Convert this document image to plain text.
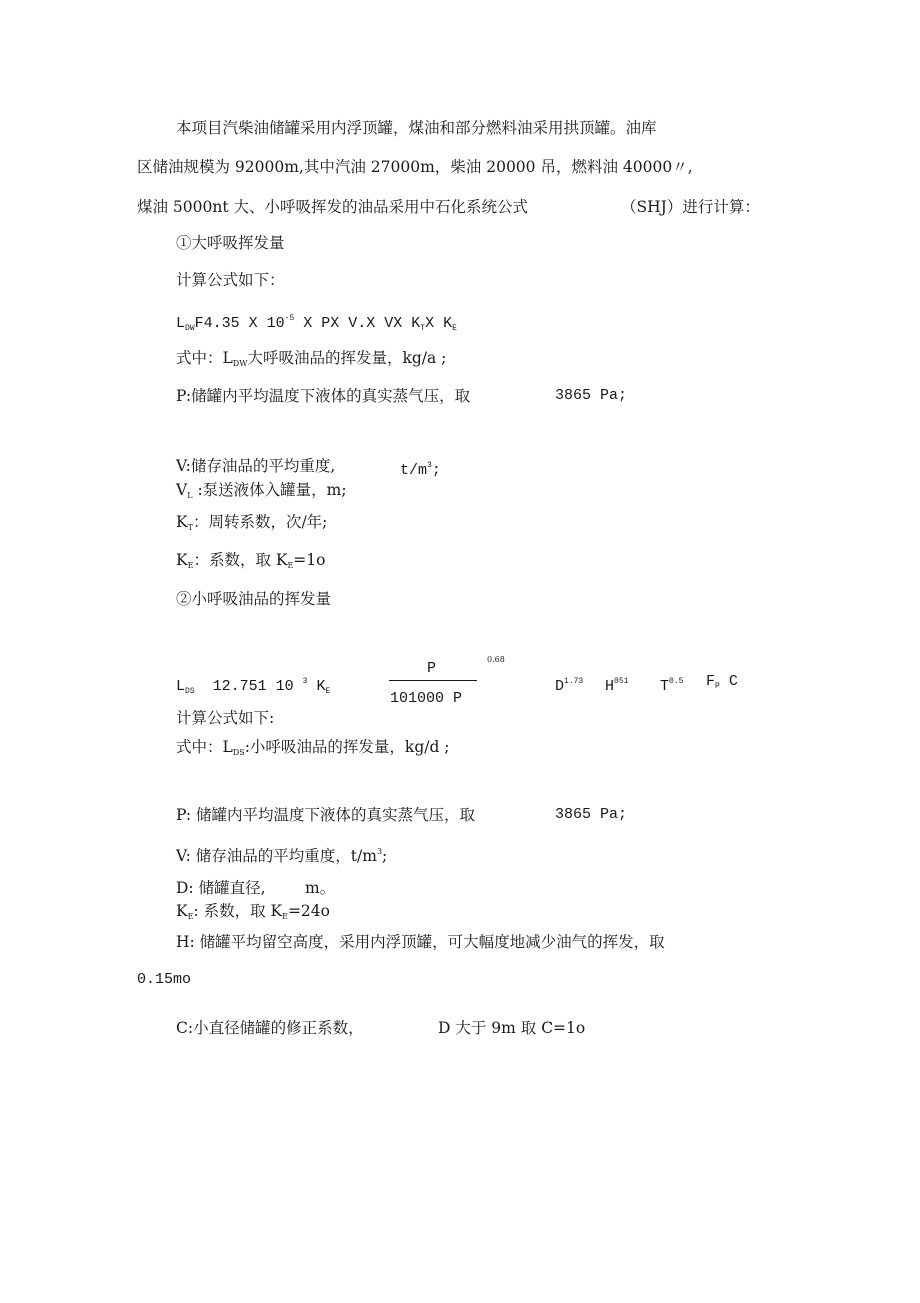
本项目汽柴油储罐采用内浮顶罐，煤油和部分燃料油采用拱顶罐。油库
区储油规模为 92000m,其中汽油 27000m，柴油 20000 吊，燃料油 40000〃,
煤油 5000nt 大、小呼吸挥发的油品采用中石化系统公式	（SHJ）进行计算：
①大呼吸挥发量
计算公式如下：
$L_{DW}F4.35$ X $10^{-5}$ X PX V.X VX $K_TX$ $K_E$
式中：$L_{DW}$大呼吸油品的挥发量，kg/a ;
P:储罐内平均温度下液体的真实蒸气压，取	3865 Pa;
V:储存油品的平均重度,	$t/m^3$;
$V_L$ :泵送液体入罐量，m;
$K_T$：周转系数，次/年;
$K_E$：系数，取 $K_E=1o$
②小呼吸油品的挥发量
$L_{DS}$ 12.751 10 $^3$ $K_E$
P
101000 P
0.68
$D^{1.73}$ $H^{051}$ $T^{0.5}$ $F_P$ C
计算公式如下:
式中：$L_{DS}$:小呼吸油品的挥发量，kg/d ;
P: 储罐内平均温度下液体的真实蒸气压，取	3865 Pa;
V: 储存油品的平均重度，$t/m^3$;
D: 储罐直径,	m。
$K_E$: 系数，取 $K_E=24o$
H: 储罐平均留空高度，采用内浮顶罐，可大幅度地减少油气的挥发，取
0.15mo
C:小直径储罐的修正系数，	D 大于 9m 取 C=1o
